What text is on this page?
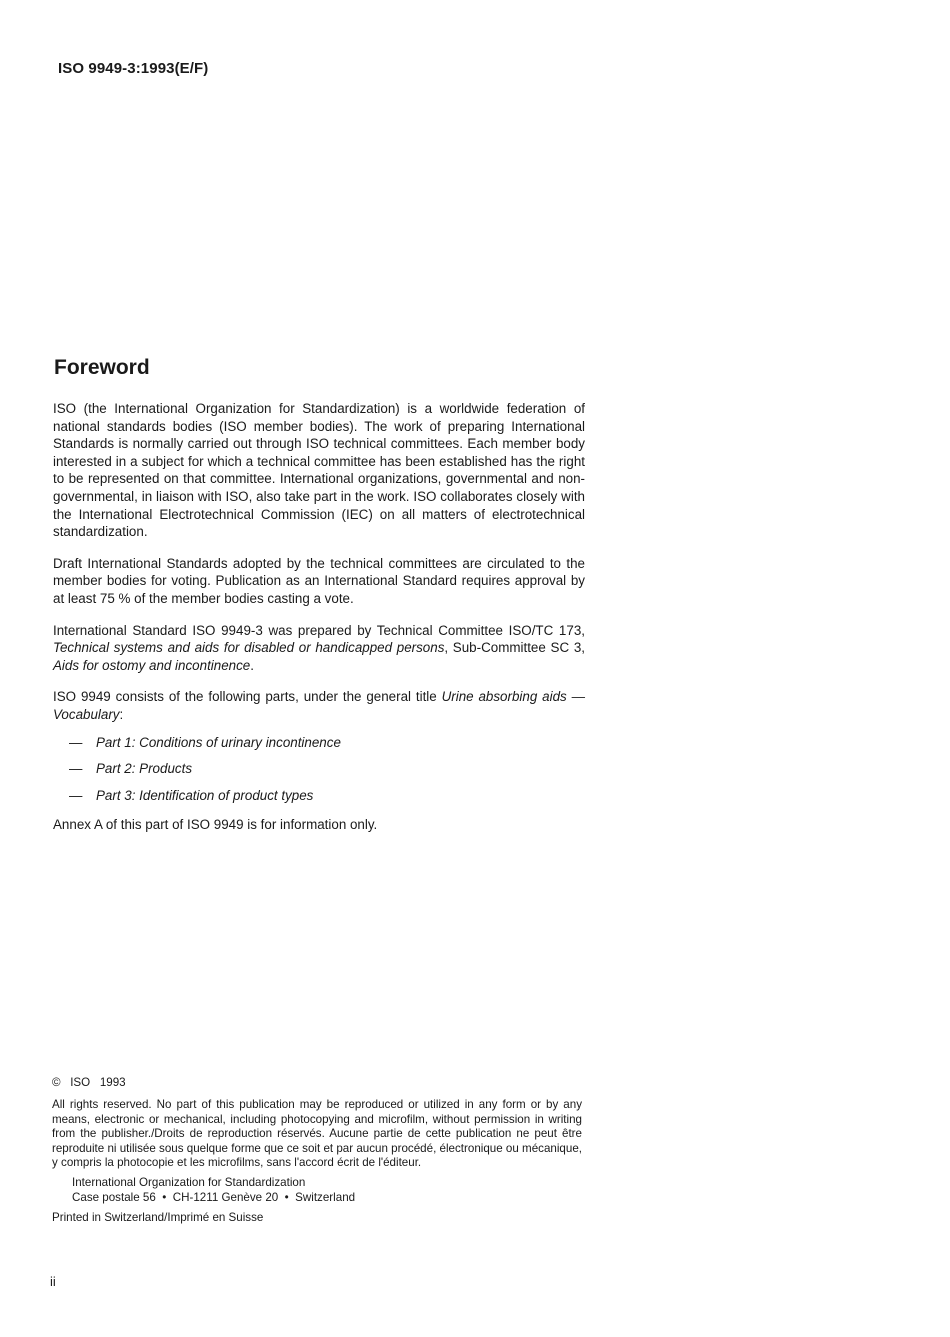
ISO 9949-3:1993(E/F)
Foreword

ISO (the International Organization for Standardization) is a worldwide federation of national standards bodies (ISO member bodies). The work of preparing International Standards is normally carried out through ISO technical committees. Each member body interested in a subject for which a technical committee has been established has the right to be represented on that committee. International organizations, governmental and non-governmental, in liaison with ISO, also take part in the work. ISO collaborates closely with the International Electrotechnical Commission (IEC) on all matters of electrotechnical standardization.

Draft International Standards adopted by the technical committees are circulated to the member bodies for voting. Publication as an International Standard requires approval by at least 75 % of the member bodies casting a vote.

International Standard ISO 9949-3 was prepared by Technical Committee ISO/TC 173, Technical systems and aids for disabled or handicapped persons, Sub-Committee SC 3, Aids for ostomy and incontinence.

ISO 9949 consists of the following parts, under the general title Urine absorbing aids — Vocabulary:

— Part 1: Conditions of urinary incontinence
— Part 2: Products
— Part 3: Identification of product types

Annex A of this part of ISO 9949 is for information only.

©   ISO   1993

All rights reserved. No part of this publication may be reproduced or utilized in any form or by any means, electronic or mechanical, including photocopying and microfilm, without permission in writing from the publisher./Droits de reproduction réservés. Aucune partie de cette publication ne peut être reproduite ni utilisée sous quelque forme que ce soit et par aucun procédé, électronique ou mécanique, y compris la photocopie et les microfilms, sans l'accord écrit de l'éditeur.

International Organization for Standardization
Case postale 56  •  CH-1211 Genève 20  •  Switzerland

Printed in Switzerland/Imprimé en Suisse

ii
